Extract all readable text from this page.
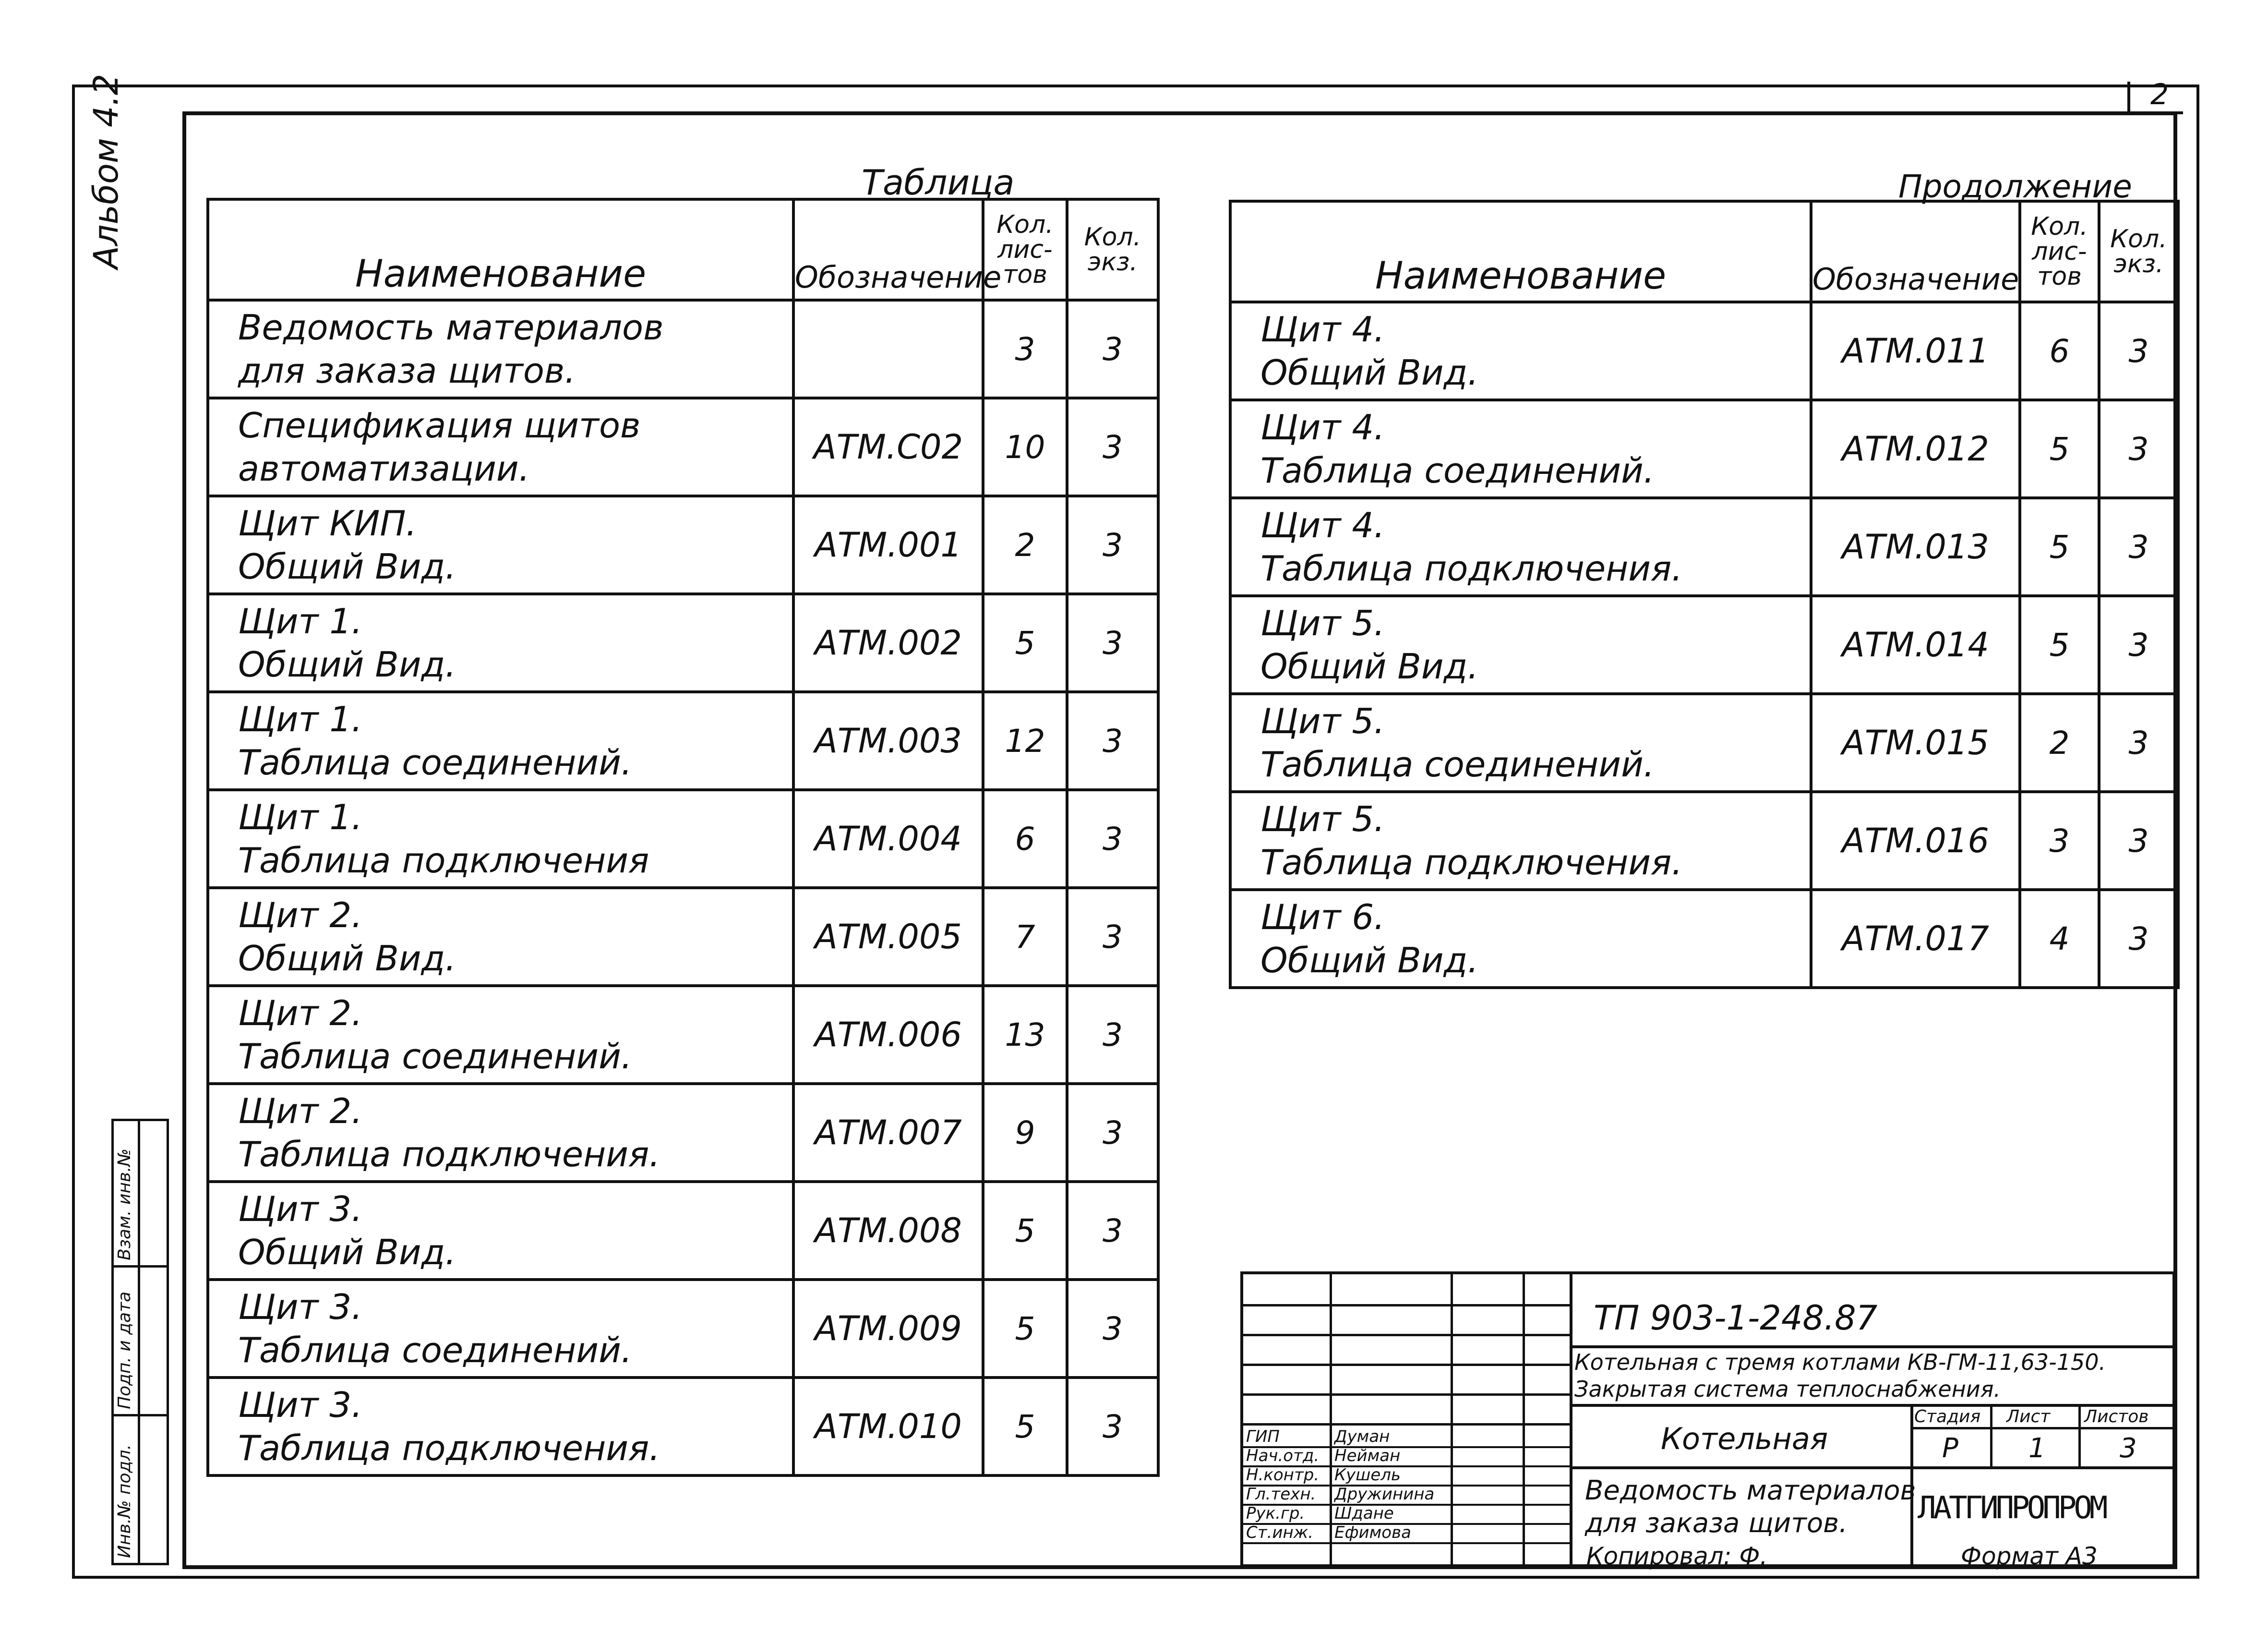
2
Альбом 4.2
Инв.№ подл.
Подп. и дата
Взам. инв.№
Таблица
Наименование	Обозначение	Кол. лис- тов	Кол. экз.

Ведомость материалов
для заказа щитов.		3	3

Спецификация щитов
автоматизации.	АТМ.С02	10	3

Щит КИП.
Общий Вид.	АТМ.001	2	3

Щит 1.
Общий Вид.	АТМ.002	5	3

Щит 1.
Таблица соединений.	АТМ.003	12	3

Щит 1.
Таблица подключения	АТМ.004	6	3

Щит 2.
Общий Вид.	АТМ.005	7	3

Щит 2.
Таблица соединений.	АТМ.006	13	3

Щит 2.
Таблица подключения.	АТМ.007	9	3

Щит 3.
Общий Вид.	АТМ.008	5	3

Щит 3.
Таблица соединений.	АТМ.009	5	3

Щит 3.
Таблица подключения.	АТМ.010	5	3
Продолжение
Наименование	Обозначение	Кол. лис- тов	Кол. экз.

Щит 4.
Общий Вид.	АТМ.011	6	3

Щит 4.
Таблица соединений.	АТМ.012	5	3

Щит 4.
Таблица подключения.	АТМ.013	5	3

Щит 5.
Общий Вид.	АТМ.014	5	3

Щит 5.
Таблица соединений.	АТМ.015	2	3

Щит 5.
Таблица подключения.	АТМ.016	3	3

Щит 6.
Общий Вид.	АТМ.017	4	3
ГИП	Думан
Нач.отд. Нейман
Н.контр. Кушель
Гл.техн. Дружинина
Рук.гр. Шдане
Ст.инж. Ефимова
ТП 903-1-248.87
Котельная с тремя котлами КВ-ГМ-11,63-150.
Закрытая система теплоснабжения.
Котельная
Ведомость материалов
для заказа щитов.
Стадия Лист Листов
Р	1	3
ЛАТГИПРОПРОМ
Копировал: Ф.	Формат А3
